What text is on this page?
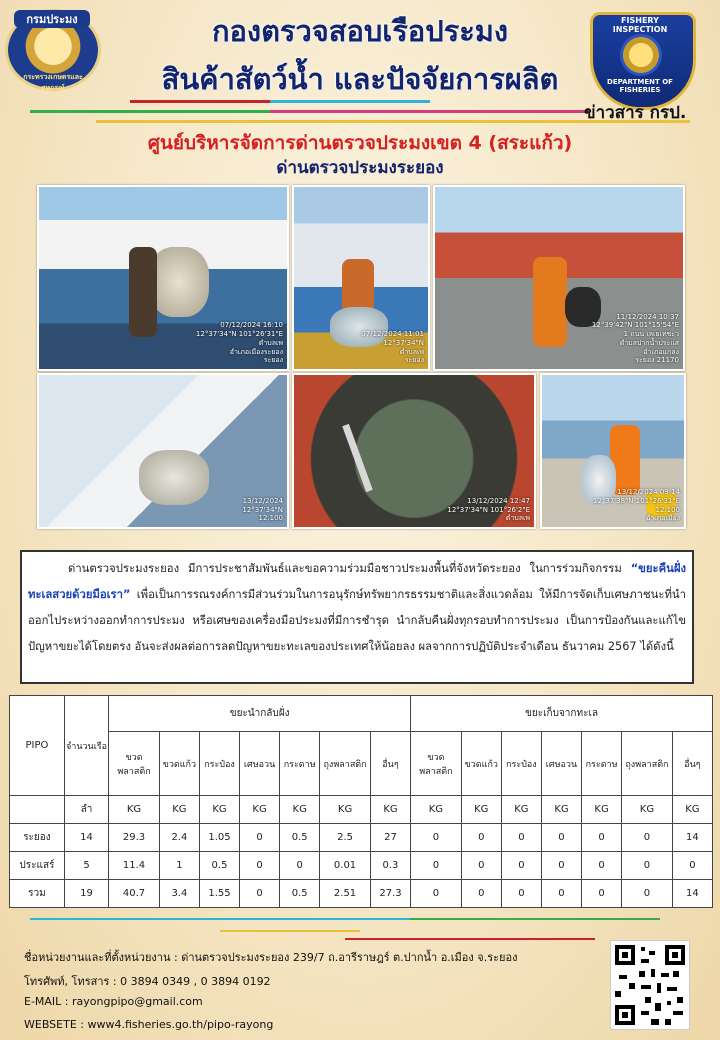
กรมประมง
กระทรวงเกษตรและสหกรณ์
กองตรวจสอบเรือประมง
สินค้าสัตว์น้ำ และปัจจัยการผลิต
FISHERY INSPECTION
DEPARTMENT OF FISHERIES
ข่าวสาร กรป.
ศูนย์บริหารจัดการด่านตรวจประมงเขต 4 (สระแก้ว)
ด่านตรวจประมงระยอง
07/12/2024 16:10
12°37'34"N 101°26'31"E
ตำบลเพ
อำเภอเมืองระยอง
ระยอง
07/12/2024 11:01
12°37'34"N
ตำบลเพ
ระยอง
11/12/2024 10:37
12°39'42"N 101°15'54"E
1 ถนน เลเยเทชะว
ตำบลปากน้ำประแส
อำเภอแกลง
ระยอง 21170
13/12/2024
12°37'34"N
12.100
13/12/2024 12:47
12°37'34"N 101°26'2"E
ตำบลเพ
13/12/2024 09:14
12°37'38"N 101°26'31"E
12.100
อำเภอเมือง
ด่านตรวจประมงระยอง มีการประชาสัมพันธ์และขอความร่วมมือชาวประมงพื้นที่จังหวัดระยอง ในการร่วมกิจกรรม “ขยะคืนฝั่ง ทะเลสวยด้วยมือเรา” เพื่อเป็นการรณรงค์การมีส่วนร่วมในการอนุรักษ์ทรัพยากรธรรมชาติและสิ่งแวดล้อม ให้มีการจัดเก็บเศษภาชนะที่นำออกไประหว่างออกทำการประมง หรือเศษของเครื่องมือประมงที่มีการชำรุด นำกลับคืนฝั่งทุกรอบทำการประมง เป็นการป้องกันและแก้ไขปัญหาขยะได้โดยตรง อันจะส่งผลต่อการลดปัญหาขยะทะเลของประเทศให้น้อยลง ผลจากการปฏิบัติประจำเดือน ธันวาคม 2567 ได้ดังนี้
PIPO	จำนวนเรือ	ขยะนำกลับฝั่ง							ขยะเก็บจากทะเล						
		ขวดพลาสติก	ขวดแก้ว	กระป๋อง	เศษอวน	กระดาษ	ถุงพลาสติก	อื่นๆ	ขวดพลาสติก	ขวดแก้ว	กระป๋อง	เศษอวน	กระดาษ	ถุงพลาสติก	อื่นๆ
	ลำ	KG	KG	KG	KG	KG	KG	KG	KG	KG	KG	KG	KG	KG	KG
ระยอง	14	29.3	2.4	1.05	0	0.5	2.5	27	0	0	0	0	0	0	14
ประแสร์	5	11.4	1	0.5	0	0	0.01	0.3	0	0	0	0	0	0	0
รวม	19	40.7	3.4	1.55	0	0.5	2.51	27.3	0	0	0	0	0	0	14
ชื่อหน่วยงานและที่ตั้งหน่วยงาน : ด่านตรวจประมงระยอง 239/7 ถ.อารีราษฎร์ ต.ปากน้ำ อ.เมือง จ.ระยอง
โทรศัพท์, โทรสาร : 0 3894 0349 , 0 3894 0192
E-MAIL : rayongpipo@gmail.com
WEBSETE : www4.fisheries.go.th/pipo-rayong
